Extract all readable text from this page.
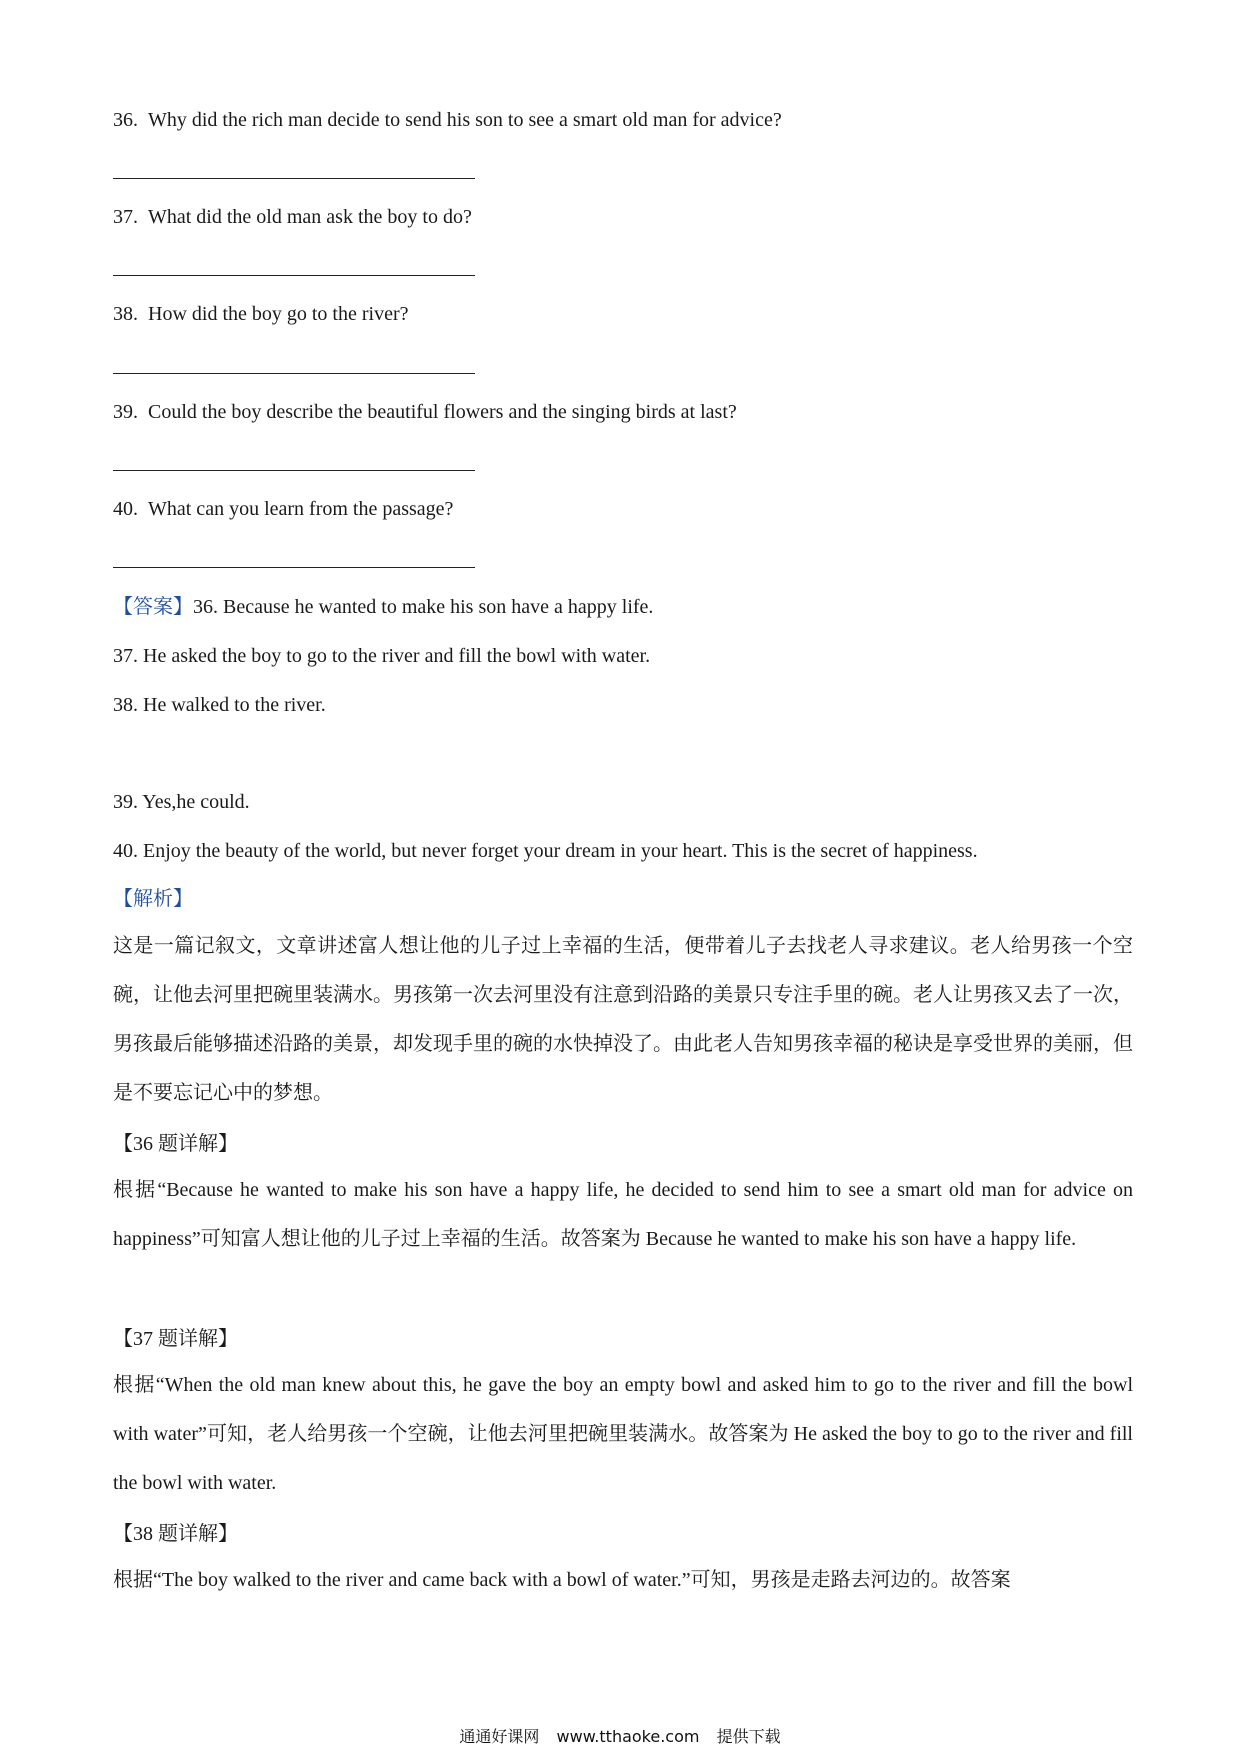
36. Why did the rich man decide to send his son to see a smart old man for advice?
37. What did the old man ask the boy to do?
38. How did the boy go to the river?
39. Could the boy describe the beautiful flowers and the singing birds at last?
40. What can you learn from the passage?
【答案】36. Because he wanted to make his son have a happy life.
37. He asked the boy to go to the river and fill the bowl with water.
38. He walked to the river.
39. Yes,he could.
40. Enjoy the beauty of the world, but never forget your dream in your heart. This is the secret of happiness.
【解析】
这是一篇记叙文，文章讲述富人想让他的儿子过上幸福的生活，便带着儿子去找老人寻求建议。老人给男孩一个空碗，让他去河里把碗里装满水。男孩第一次去河里没有注意到沿路的美景只专注手里的碗。老人让男孩又去了一次，男孩最后能够描述沿路的美景，却发现手里的碗的水快掉没了。由此老人告知男孩幸福的秘诀是享受世界的美丽，但是不要忘记心中的梦想。
【36 题详解】
根据“Because he wanted to make his son have a happy life, he decided to send him to see a smart old man for advice on happiness”可知富人想让他的儿子过上幸福的生活。故答案为 Because he wanted to make his son have a happy life.
【37 题详解】
根据“When the old man knew about this, he gave the boy an empty bowl and asked him to go to the river and fill the bowl with water”可知，老人给男孩一个空碗，让他去河里把碗里装满水。故答案为 He asked the boy to go to the river and fill the bowl with water.
【38 题详解】
根据“The boy walked to the river and came back with a bowl of water.”可知，男孩是走路去河边的。故答案
通通好课网 www.tthaoke.com 提供下载
